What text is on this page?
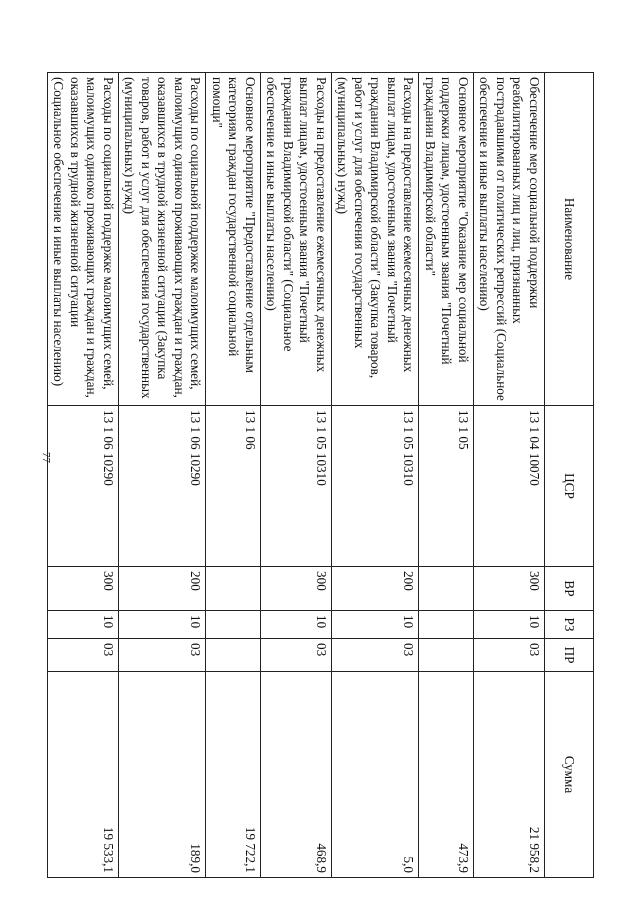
77
Наименование	ЦСР	ВР	РЗ	ПР	Сумма
Обеспечение мер социальной поддержки реабилитированных лиц и лиц, признанных пострадавшими от политических репрессий (Социальное обеспечение и иные выплаты населению)	13 1 04 10070	300	10	03	21 958,2
Основное мероприятие "Оказание мер социальной поддержки лицам, удостоенным звания "Почетный гражданин Владимирской области"	13 1 05				473,9
Расходы на предоставление ежемесячных денежных выплат лицам, удостоенным звания "Почетный гражданин Владимирской области" (Закупка товаров, работ и услуг для обеспечения государственных (муниципальных) нужд)	13 1 05 10310	200	10	03	5,0
Расходы на предоставление ежемесячных денежных выплат лицам, удостоенным звания "Почетный гражданин Владимирской области" (Социальное обеспечение и иные выплаты населению)	13 1 05 10310	300	10	03	468,9
Основное мероприятие "Предоставление отдельным категориям граждан государственной социальной помощи"	13 1 06				19 722,1
Расходы по социальной поддержке малоимущих семей, малоимущих одиноко проживающих граждан и граждан, оказавшихся в трудной жизненной ситуации (Закупка товаров, работ и услуг для обеспечения государственных (муниципальных) нужд)	13 1 06 10290	200	10	03	189,0
Расходы по социальной поддержке малоимущих семей, малоимущих одиноко проживающих граждан и граждан, оказавшихся в трудной жизненной ситуации (Социальное обеспечение и иные выплаты населению)	13 1 06 10290	300	10	03	19 533,1
